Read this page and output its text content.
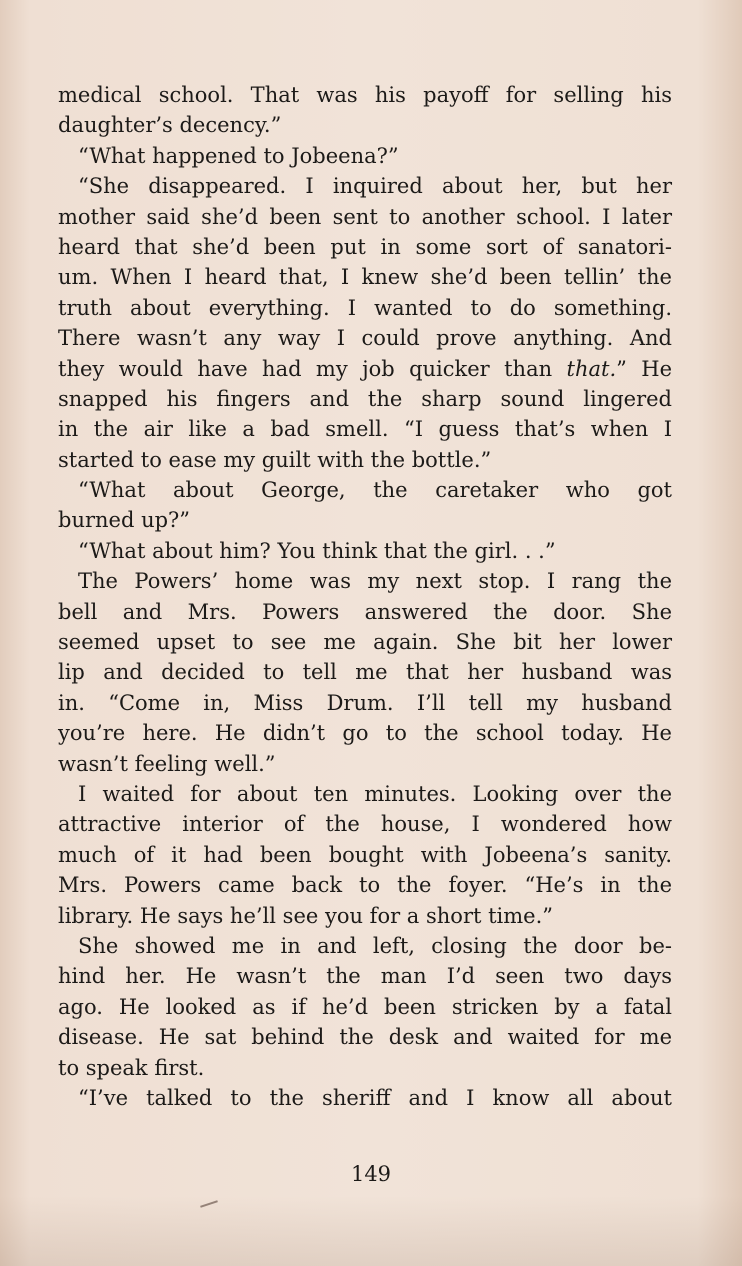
medical school. That was his payoff for selling his
daughter’s decency.”
“What happened to Jobeena?”
“She disappeared. I inquired about her, but her
mother said she’d been sent to another school. I later
heard that she’d been put in some sort of sanatori-
um. When I heard that, I knew she’d been tellin’ the
truth about everything. I wanted to do something.
There wasn’t any way I could prove anything. And
they would have had my job quicker than that.” He
snapped his fingers and the sharp sound lingered
in the air like a bad smell. “I guess that’s when I
started to ease my guilt with the bottle.”
“What about George, the caretaker who got
burned up?”
“What about him? You think that the girl. . .”
The Powers’ home was my next stop. I rang the
bell and Mrs. Powers answered the door. She
seemed upset to see me again. She bit her lower
lip and decided to tell me that her husband was
in. “Come in, Miss Drum. I’ll tell my husband
you’re here. He didn’t go to the school today. He
wasn’t feeling well.”
I waited for about ten minutes. Looking over the
attractive interior of the house, I wondered how
much of it had been bought with Jobeena’s sanity.
Mrs. Powers came back to the foyer. “He’s in the
library. He says he’ll see you for a short time.”
She showed me in and left, closing the door be-
hind her. He wasn’t the man I’d seen two days
ago. He looked as if he’d been stricken by a fatal
disease. He sat behind the desk and waited for me
to speak first.
“I’ve talked to the sheriff and I know all about
149
